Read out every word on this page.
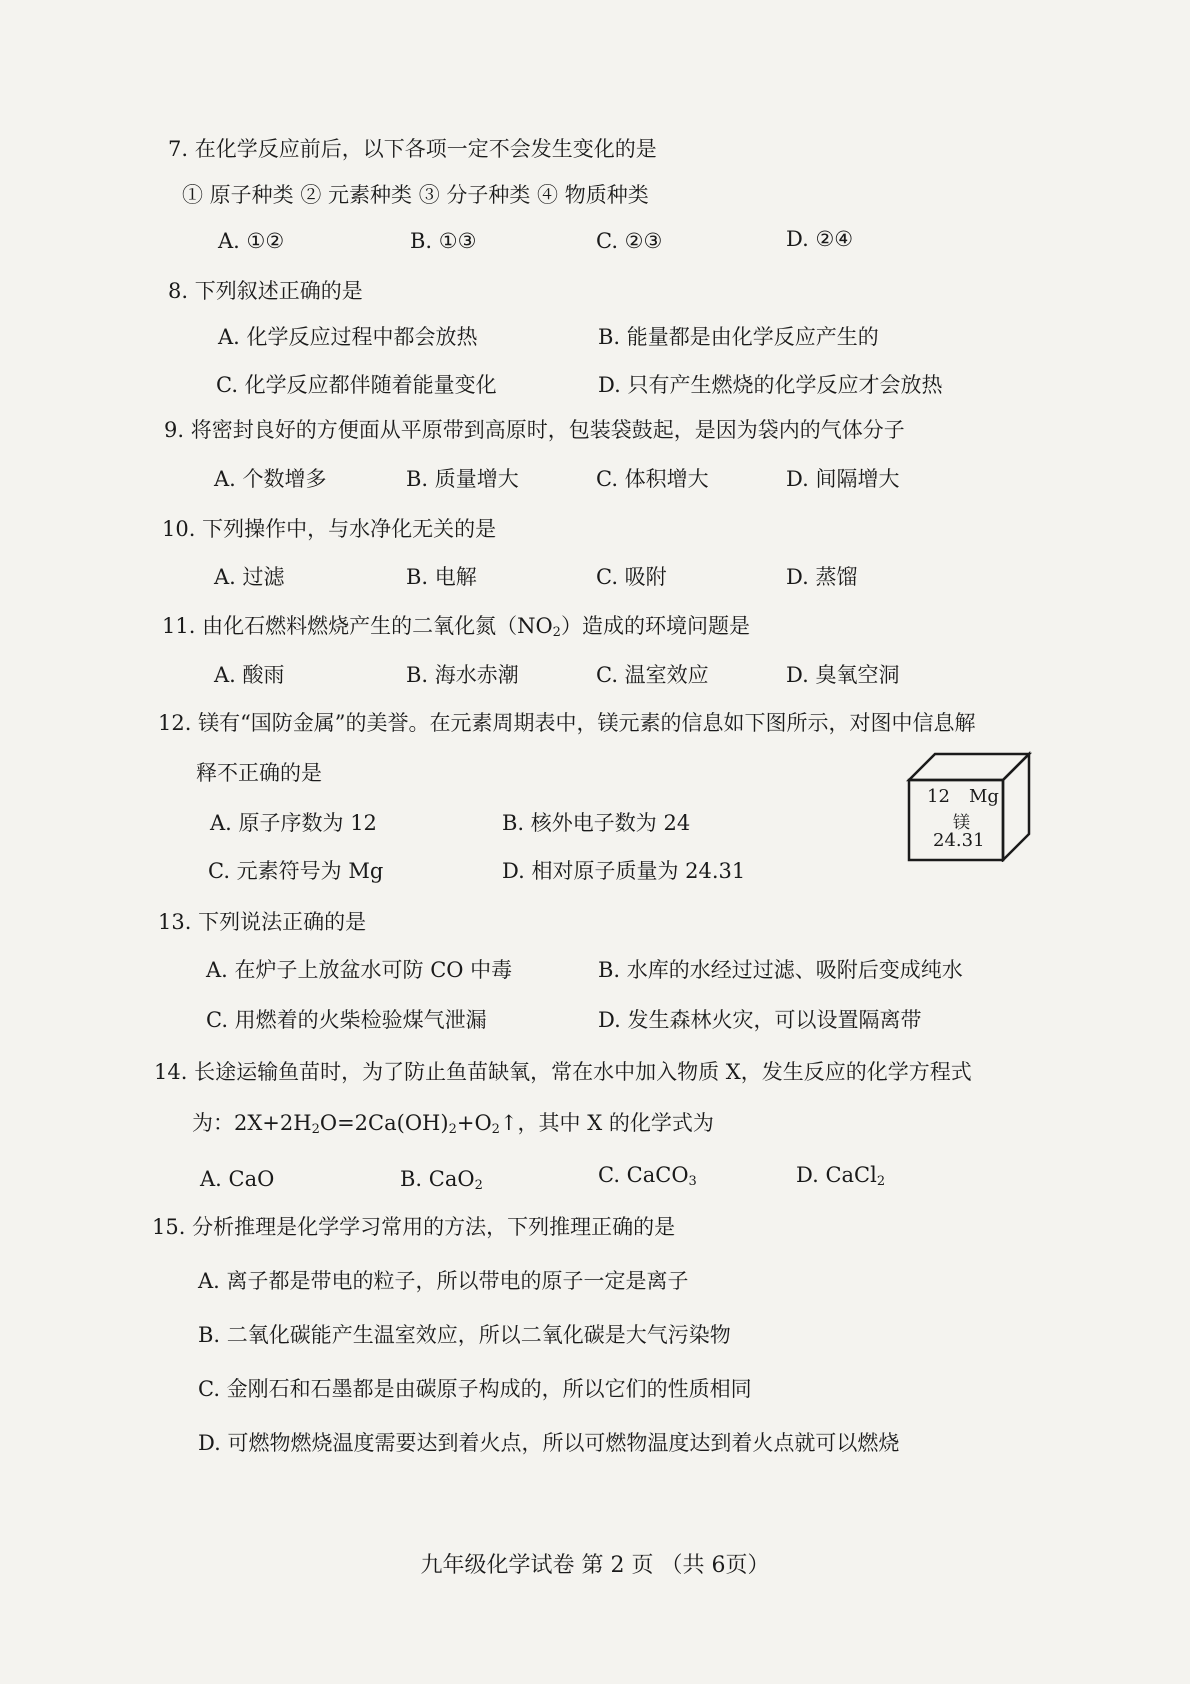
7. 在化学反应前后，以下各项一定不会发生变化的是
① 原子种类 ② 元素种类 ③ 分子种类 ④ 物质种类
A. ①②	B. ①③	C. ②③	D. ②④
8. 下列叙述正确的是
A. 化学反应过程中都会放热	B. 能量都是由化学反应产生的
C. 化学反应都伴随着能量变化	D. 只有产生燃烧的化学反应才会放热
9. 将密封良好的方便面从平原带到高原时，包装袋鼓起，是因为袋内的气体分子
A. 个数增多	B. 质量增大	C. 体积增大	D. 间隔增大
10. 下列操作中，与水净化无关的是
A. 过滤	B. 电解	C. 吸附	D. 蒸馏
11. 由化石燃料燃烧产生的二氧化氮$(NO_2)$造成的环境问题是
A. 酸雨	B. 海水赤潮	C. 温室效应	D. 臭氧空洞
12. 镁有“国防金属”的美誉。在元素周期表中，镁元素的信息如下图所示，对图中信息解
释不正确的是
A. 原子序数为 12	B. 核外电子数为 24
C. 元素符号为 Mg	D. 相对原子质量为 24.31
12 Mg
镁
24.31
13. 下列说法正确的是
A. 在炉子上放盆水可防 CO 中毒	B. 水库的水经过过滤、吸附后变成纯水
C. 用燃着的火柴检验煤气泄漏	D. 发生森林火灾，可以设置隔离带
14. 长途运输鱼苗时，为了防止鱼苗缺氧，常在水中加入物质 X，发生反应的化学方程式
为：$2X+2H_2O=2Ca(OH)_2+O_2↑$，其中 X 的化学式为
A. CaO	B. CaO$_2$	C. CaCO$_3$	D. CaCl$_2$
15. 分析推理是化学学习常用的方法，下列推理正确的是
A. 离子都是带电的粒子，所以带电的原子一定是离子
B. 二氧化碳能产生温室效应，所以二氧化碳是大气污染物
C. 金刚石和石墨都是由碳原子构成的，所以它们的性质相同
D. 可燃物燃烧温度需要达到着火点，所以可燃物温度达到着火点就可以燃烧
九年级化学试卷 第 2 页 （共 6页）
